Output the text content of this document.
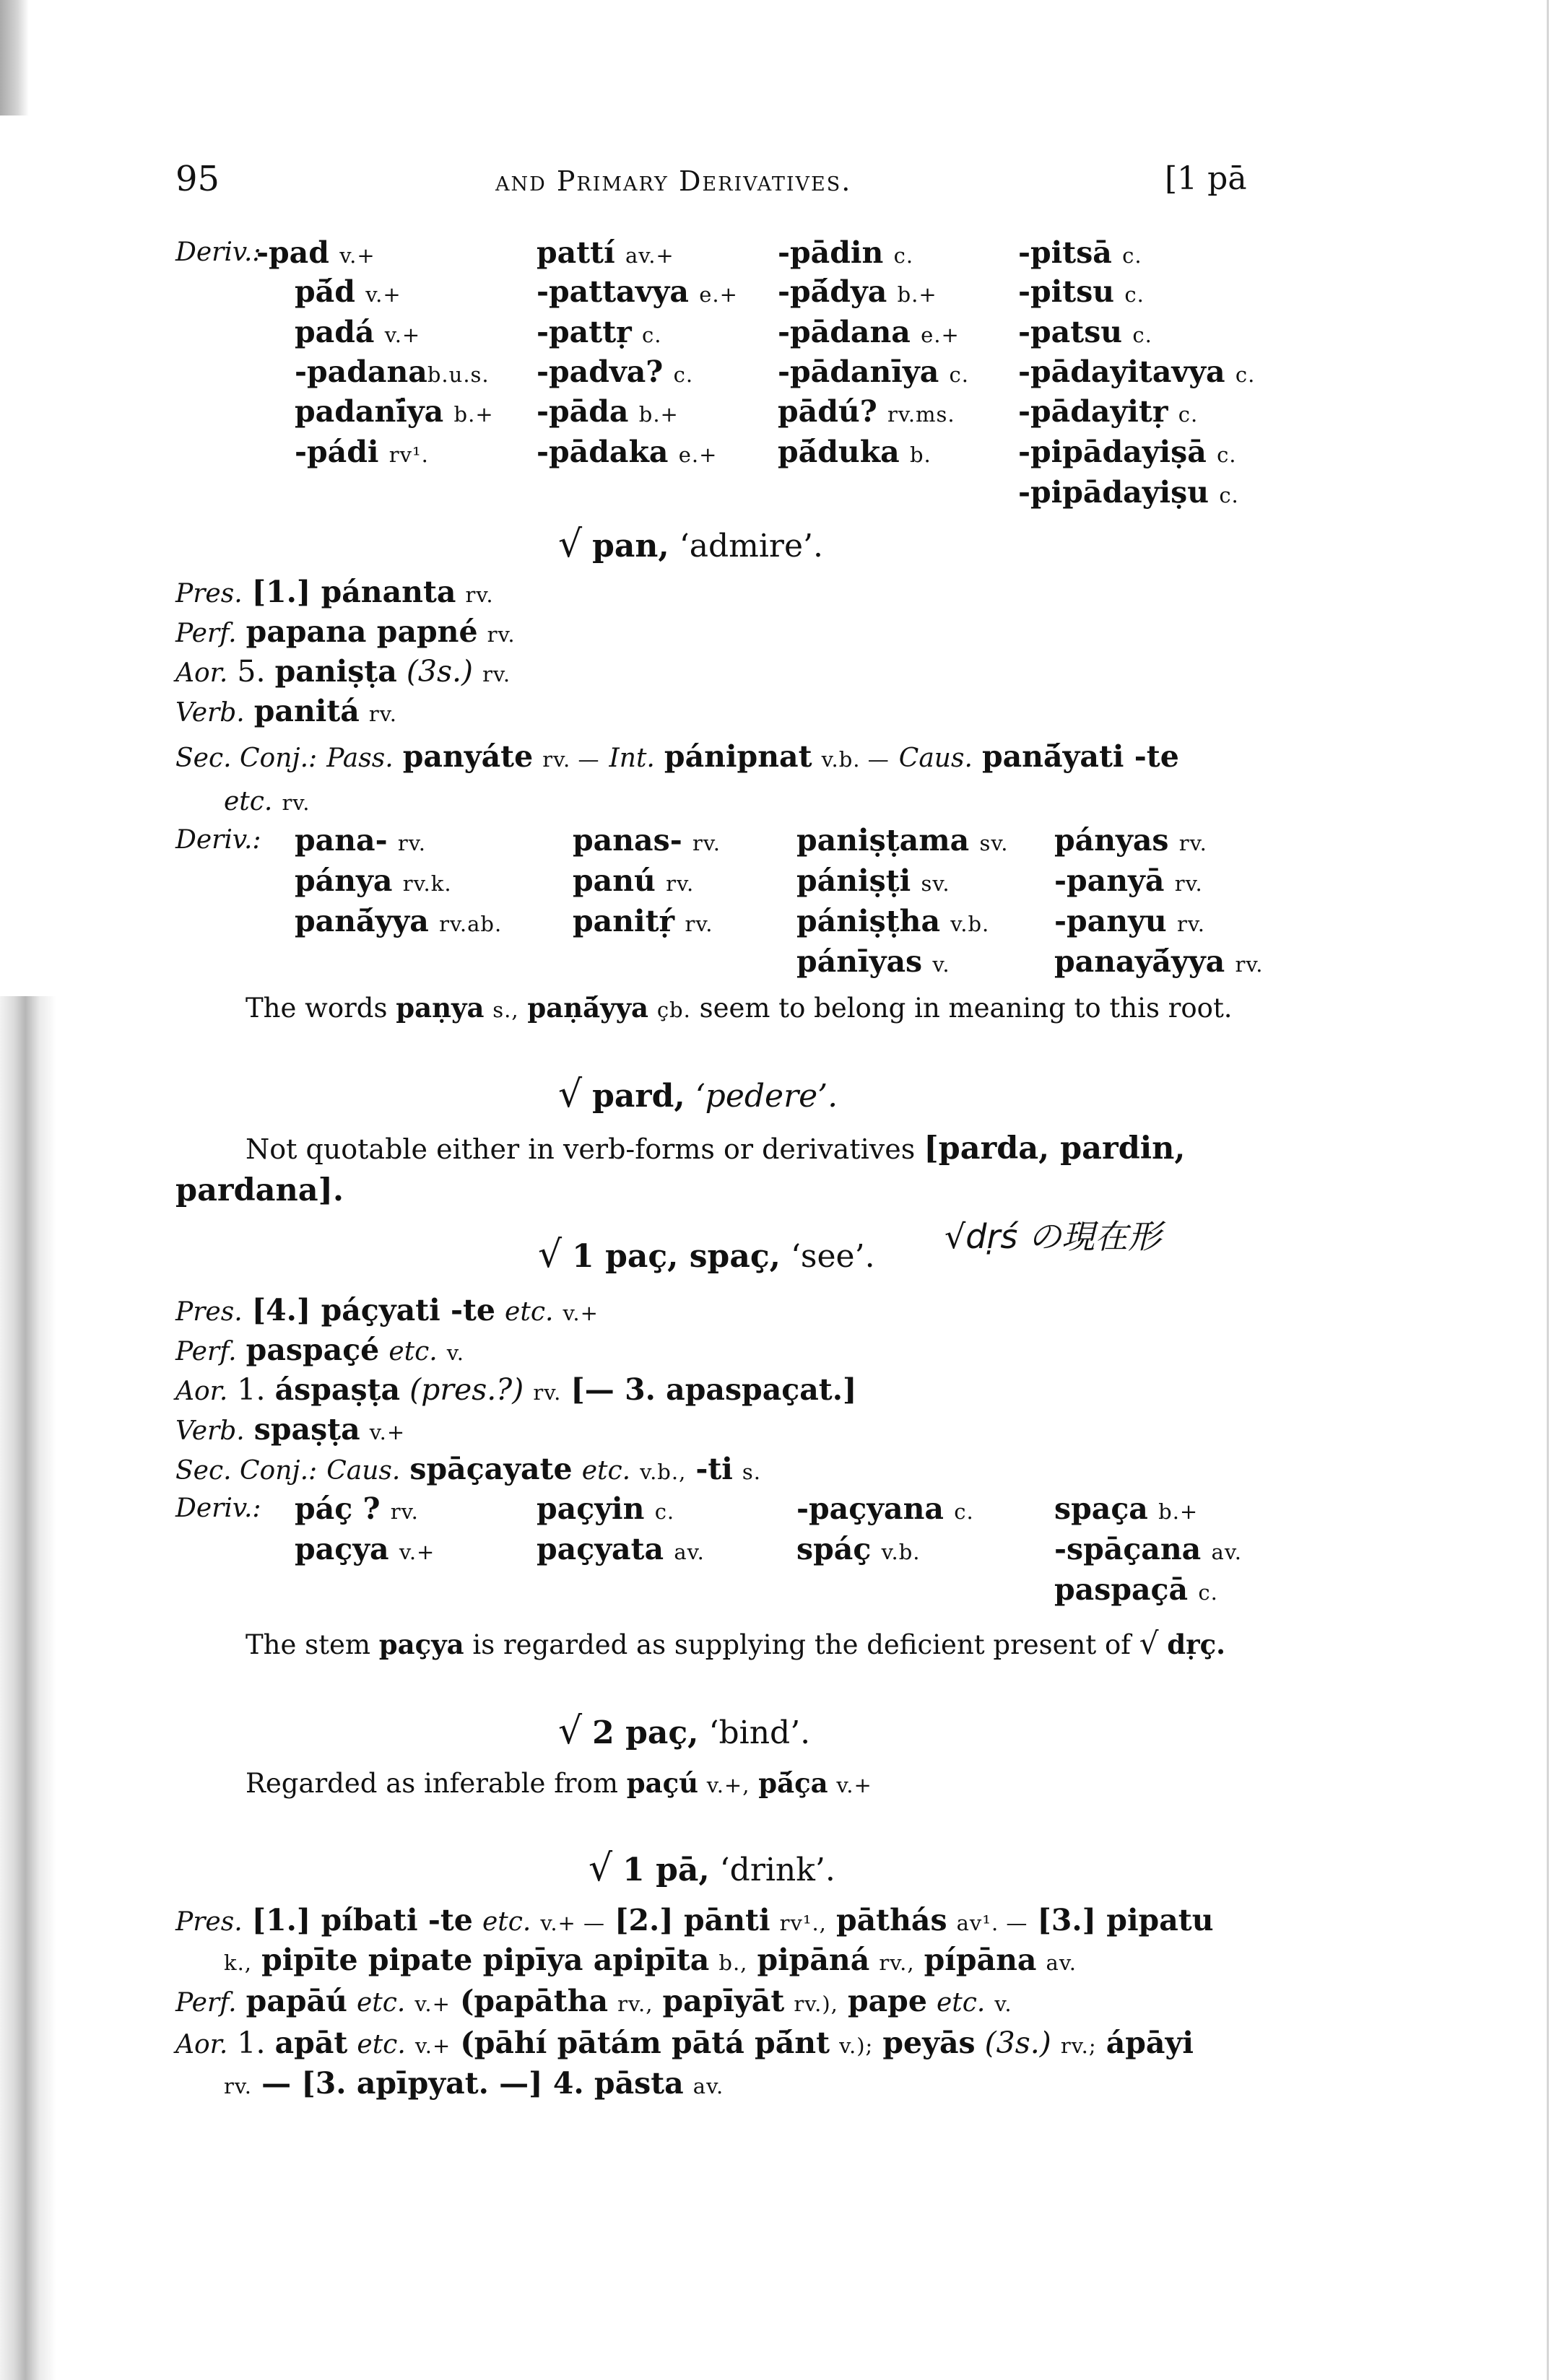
95	and Primary Derivatives.	[1 pā
Deriv.:
-pad v.+
pā́d v.+
padá v.+
-padanab.u.s.
padanī́ya b.+
-pádi rv¹.
pattí av.+
-pattavya e.+
-pattṛ c.
-padva? c.
-pāda b.+
-pādaka e.+
-pādin c.
-pā́dya b.+
-pādana e.+
-pādanīya c.
pādú? rv.ms.
pā́duka b.
-pitsā c.
-pitsu c.
-patsu c.
-pādayitavya c.
-pādayitṛ c.
-pipādayiṣā c.
-pipādayiṣu c.
√ pan, ‘admire’.
Pres. [1.] pánanta rv.
Perf. papana papné rv.
Aor. 5. paniṣṭa (3s.) rv.
Verb. panitá rv.
Sec. Conj.: Pass. panyáte rv. — Int. pánipnat v.b. — Caus. panā́yati -te
etc. rv.
Deriv.: pana- rv.
pánya rv.k.
panā́yya rv.ab.
panas- rv.
panú rv.
panitṛ́ rv.
paniṣṭama sv.
pániṣṭi sv.
pániṣṭha v.b.
pánīyas v.
pányas rv.
-panyā rv.
-panyu rv.
panayā́yya rv.
The words paṇya s., paṇā́yya çb. seem to belong in meaning to this root.
√ pard, ‘pedere’.
Not quotable either in verb-forms or derivatives [parda, pardin,
pardana].
√ 1 paç, spaç, ‘see’.
√dṛś の現在形
Pres. [4.] páçyati -te etc. v.+
Perf. paspaçé etc. v.
Aor. 1. áspaṣṭa (pres.?) rv. [— 3. apaspaçat.]
Verb. spaṣṭa v.+
Sec. Conj.: Caus. spāçayate etc. v.b., -ti s.
Deriv.: páç ? rv.
paçya v.+
paçyin c.
paçyata av.
-paçyana c.
spáç v.b.
spaça b.+
-spāçana av.
paspaçā c.
The stem paçya is regarded as supplying the deficient present of √ dṛç.
√ 2 paç, ‘bind’.
Regarded as inferable from paçú v.+, pā́ça v.+
√ 1 pā, ‘drink’.
Pres. [1.] píbati -te etc. v.+ — [2.] pānti rv¹., pāthás av¹. — [3.] pipatu
k., pipīte pipate pipīya apipīta b., pipāná rv., pípāna av.
Perf. papāú etc. v.+ (papātha rv., papīyāt rv.), pape etc. v.
Aor. 1. apāt etc. v.+ (pāhí pātám pātá pā́nt v.); peyās (3s.) rv.; ápāyi
rv. — [3. apīpyat. —] 4. pāsta av.
